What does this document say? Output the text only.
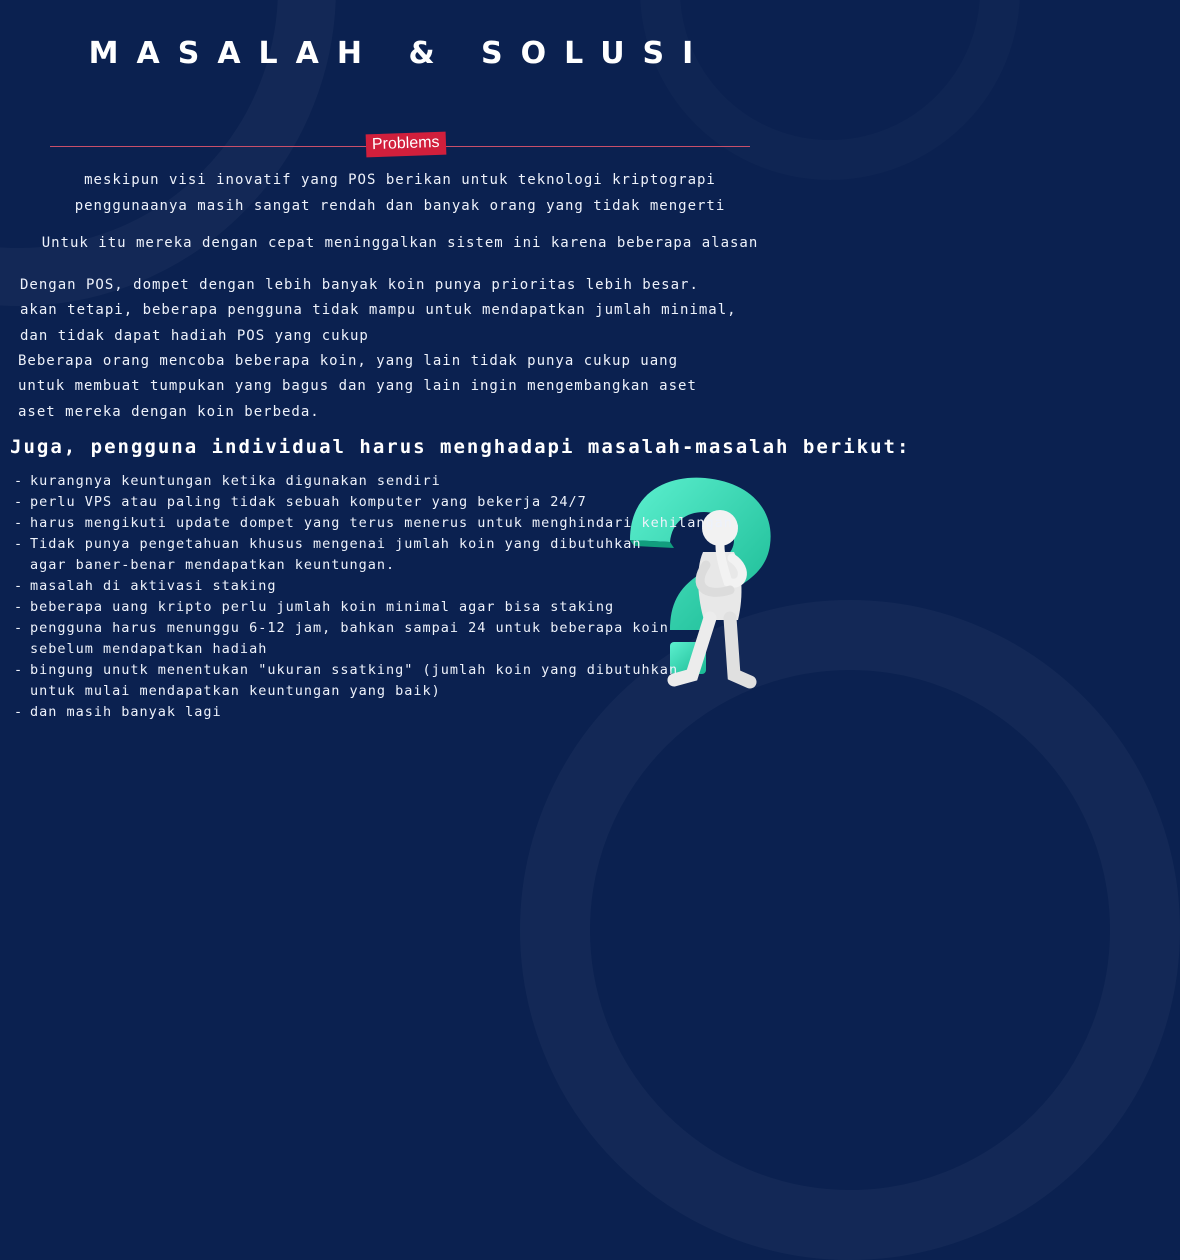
MASALAH & SOLUSI
Problems
meskipun visi inovatif yang POS berikan untuk teknologi kriptograpi
penggunaanya masih sangat rendah dan banyak orang yang tidak mengerti
Untuk itu mereka dengan cepat meninggalkan sistem ini karena beberapa alasan
Dengan POS, dompet dengan lebih banyak koin punya prioritas lebih besar.
akan tetapi, beberapa pengguna tidak mampu untuk mendapatkan jumlah minimal,
dan tidak dapat hadiah POS yang cukup
Beberapa orang mencoba beberapa koin, yang lain tidak punya cukup uang
untuk membuat tumpukan yang bagus dan yang lain ingin mengembangkan aset
aset mereka dengan koin berbeda.
Juga, pengguna individual harus menghadapi masalah-masalah berikut:
- kurangnya keuntungan ketika digunakan sendiri
- perlu VPS atau paling tidak sebuah komputer yang bekerja 24/7
- harus mengikuti update dompet yang terus menerus untuk menghindari kehilangan.
- Tidak punya pengetahuan khusus mengenai jumlah koin yang dibutuhkan
agar baner-benar mendapatkan keuntungan.
- masalah di aktivasi staking
- beberapa uang kripto perlu jumlah koin minimal agar bisa staking
- pengguna harus menunggu 6-12 jam, bahkan sampai 24 untuk beberapa koin
sebelum mendapatkan hadiah
- bingung unutk menentukan "ukuran ssatking" (jumlah koin yang dibutuhkan
untuk mulai mendapatkan keuntungan yang baik)
- dan masih banyak lagi
